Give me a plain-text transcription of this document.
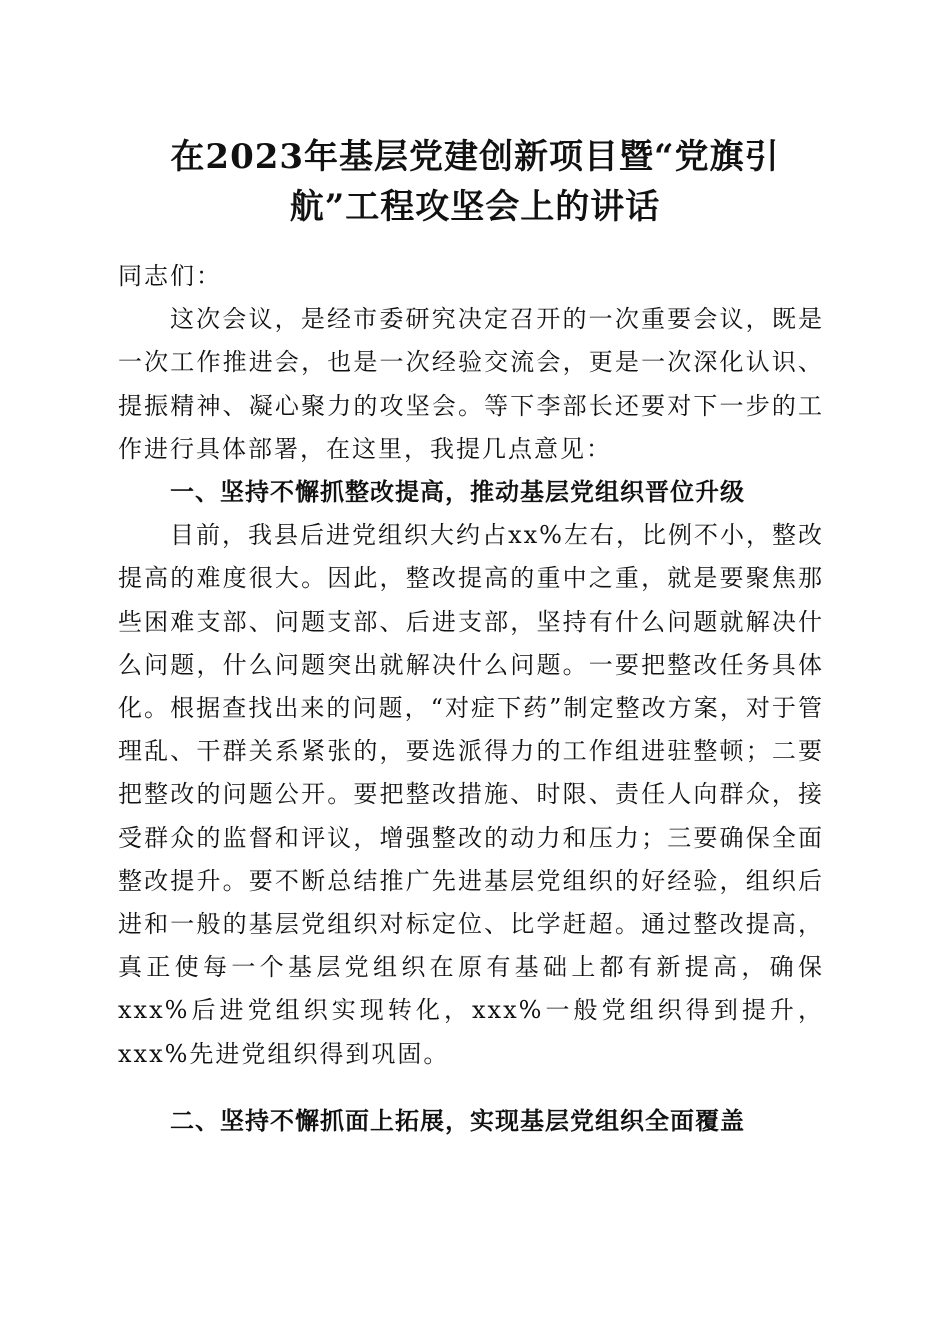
在2023年基层党建创新项目暨“党旗引
航”工程攻坚会上的讲话

同志们：

这次会议，是经市委研究决定召开的一次重要会议，既是一次工作推进会，也是一次经验交流会，更是一次深化认识、提振精神、凝心聚力的攻坚会。等下李部长还要对下一步的工作进行具体部署，在这里，我提几点意见：

一、坚持不懈抓整改提高，推动基层党组织晋位升级

目前，我县后进党组织大约占xx%左右，比例不小，整改提高的难度很大。因此，整改提高的重中之重，就是要聚焦那些困难支部、问题支部、后进支部，坚持有什么问题就解决什么问题，什么问题突出就解决什么问题。一要把整改任务具体化。根据查找出来的问题，“对症下药”制定整改方案，对于管理乱、干群关系紧张的，要选派得力的工作组进驻整顿；二要把整改的问题公开。要把整改措施、时限、责任人向群众，接受群众的监督和评议，增强整改的动力和压力；三要确保全面整改提升。要不断总结推广先进基层党组织的好经验，组织后进和一般的基层党组织对标定位、比学赶超。通过整改提高，真正使每一个基层党组织在原有基础上都有新提高，确保xxx%后进党组织实现转化，xxx%一般党组织得到提升，xxx%先进党组织得到巩固。

二、坚持不懈抓面上拓展，实现基层党组织全面覆盖
